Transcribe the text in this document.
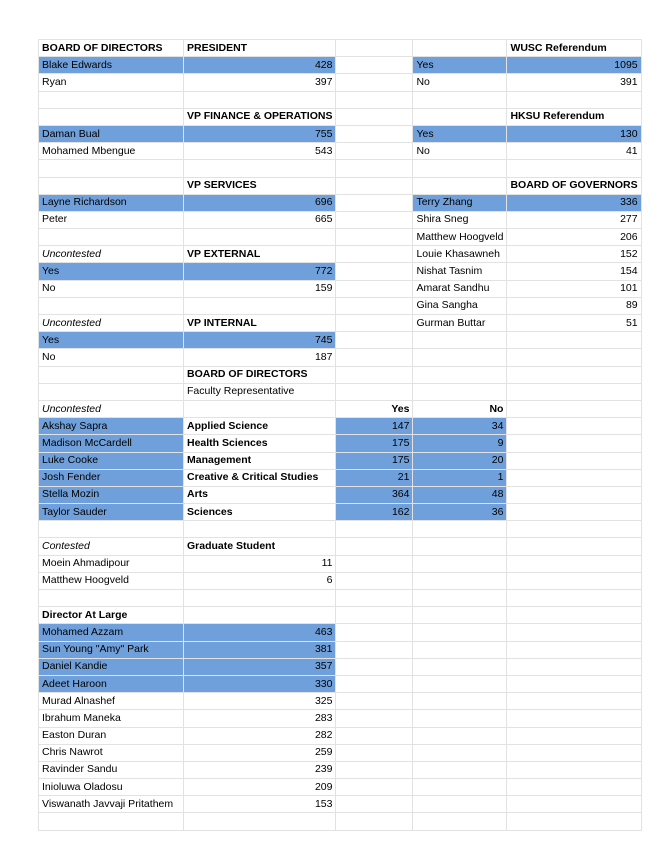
BOARD OF DIRECTORS	PRESIDENT			WUSC Referendum
Blake Edwards	428		Yes	1095
Ryan	397		No	391

	VP FINANCE & OPERATIONS			HKSU Referendum
Daman Bual	755		Yes	130
Mohamed Mbengue	543		No	41

	VP SERVICES			BOARD OF GOVERNORS
Layne Richardson	696		Terry Zhang	336
Peter	665		Shira Sneg	277
			Matthew Hoogveld	206
Uncontested	VP EXTERNAL		Louie Khasawneh	152
Yes	772		Nishat Tasnim	154
No	159		Amarat Sandhu	101
			Gina Sangha	89
Uncontested	VP INTERNAL		Gurman Buttar	51
Yes	745			
No	187			
	BOARD OF DIRECTORS			
	Faculty Representative			
Uncontested		Yes	No	
Akshay Sapra	Applied Science	147	34	
Madison McCardell	Health Sciences	175	9	
Luke Cooke	Management	175	20	
Josh Fender	Creative & Critical Studies	21	1	
Stella Mozin	Arts	364	48	
Taylor Sauder	Sciences	162	36	

Contested	Graduate Student			
Moein Ahmadipour	11			
Matthew Hoogveld	6			

Director At Large				
Mohamed Azzam	463			
Sun Young "Amy" Park	381			
Daniel Kandie	357			
Adeet Haroon	330			
Murad Alnashef	325			
Ibrahum Maneka	283			
Easton Duran	282			
Chris Nawrot	259			
Ravinder Sandu	239			
Inioluwa Oladosu	209			
Viswanath Javvaji Pritathem	153			
